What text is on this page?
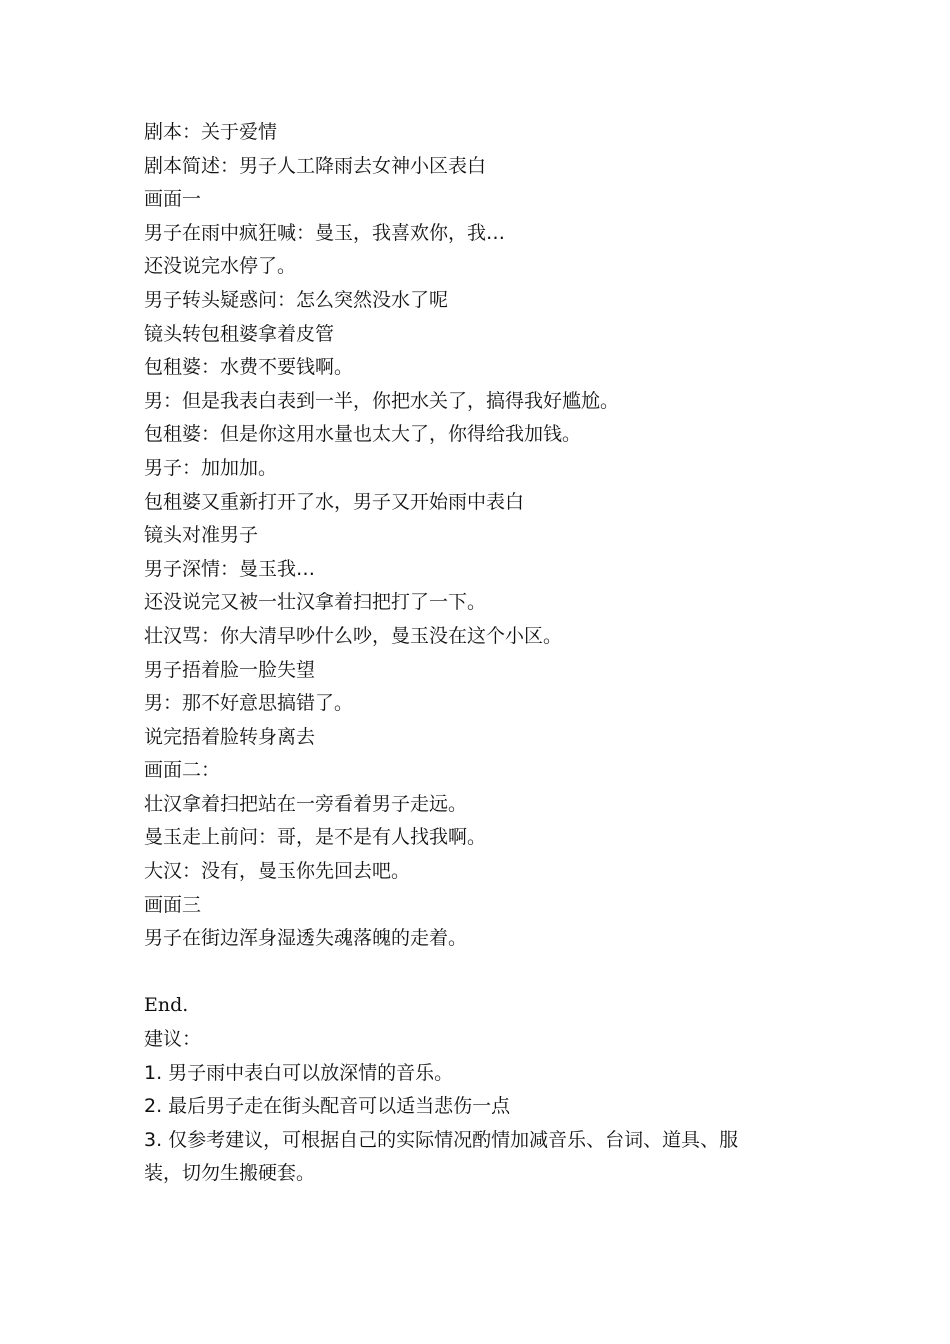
剧本：关于爱情
剧本简述：男子人工降雨去女神小区表白
画面一
男子在雨中疯狂喊：曼玉，我喜欢你，我…
还没说完水停了。
男子转头疑惑问：怎么突然没水了呢
镜头转包租婆拿着皮管
包租婆：水费不要钱啊。
男：但是我表白表到一半，你把水关了，搞得我好尴尬。
包租婆：但是你这用水量也太大了，你得给我加钱。
男子：加加加。
包租婆又重新打开了水，男子又开始雨中表白
镜头对准男子
男子深情：曼玉我…
还没说完又被一壮汉拿着扫把打了一下。
壮汉骂：你大清早吵什么吵，曼玉没在这个小区。
男子捂着脸一脸失望
男：那不好意思搞错了。
说完捂着脸转身离去
画面二：
壮汉拿着扫把站在一旁看着男子走远。
曼玉走上前问：哥，是不是有人找我啊。
大汉：没有，曼玉你先回去吧。
画面三
男子在街边浑身湿透失魂落魄的走着。
End.
建议：
1. 男子雨中表白可以放深情的音乐。
2. 最后男子走在街头配音可以适当悲伤一点
3. 仅参考建议，可根据自己的实际情况酌情加减音乐、台词、道具、服装，切勿生搬硬套。
